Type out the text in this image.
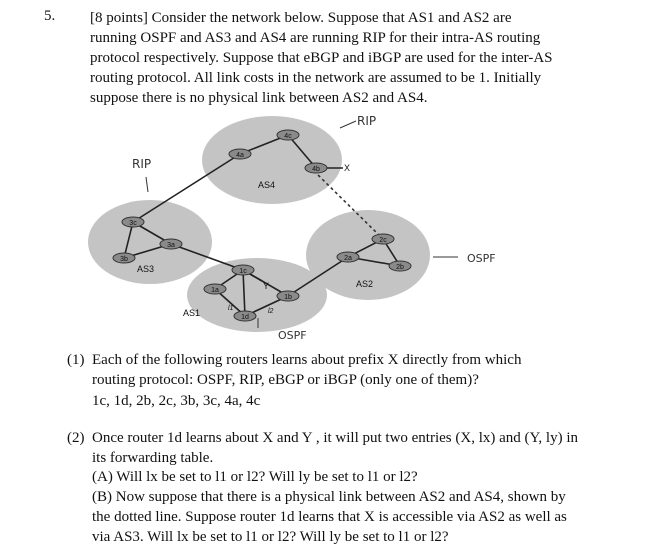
5. [8 points] Consider the network below. Suppose that AS1 and AS2 are running OSPF and AS3 and AS4 are running RIP for their intra-AS routing protocol respectively. Suppose that eBGP and iBGP are used for the inter-AS routing protocol. All link costs in the network are assumed to be 1. Initially suppose there is no physical link between AS2 and AS4.
4c
4a
4b
3c
3a
3b
1c
1a
1b
1d
2c
2a
2b
AS4
AS3
AS1
AS2
X
Y
l1	l2
RIP
RIP
OSPF
OSPF
(1) Each of the following routers learns about prefix X directly from which routing protocol: OSPF, RIP, eBGP or iBGP (only one of them)?
1c, 1d, 2b, 2c, 3b, 3c, 4a, 4c
(2) Once router 1d learns about X and Y , it will put two entries (X, lx) and (Y, ly) in its forwarding table.
(A) Will lx be set to l1 or l2? Will ly be set to l1 or l2?
(B) Now suppose that there is a physical link between AS2 and AS4, shown by the dotted line. Suppose router 1d learns that X is accessible via AS2 as well as via AS3. Will lx be set to l1 or l2? Will ly be set to l1 or l2?
